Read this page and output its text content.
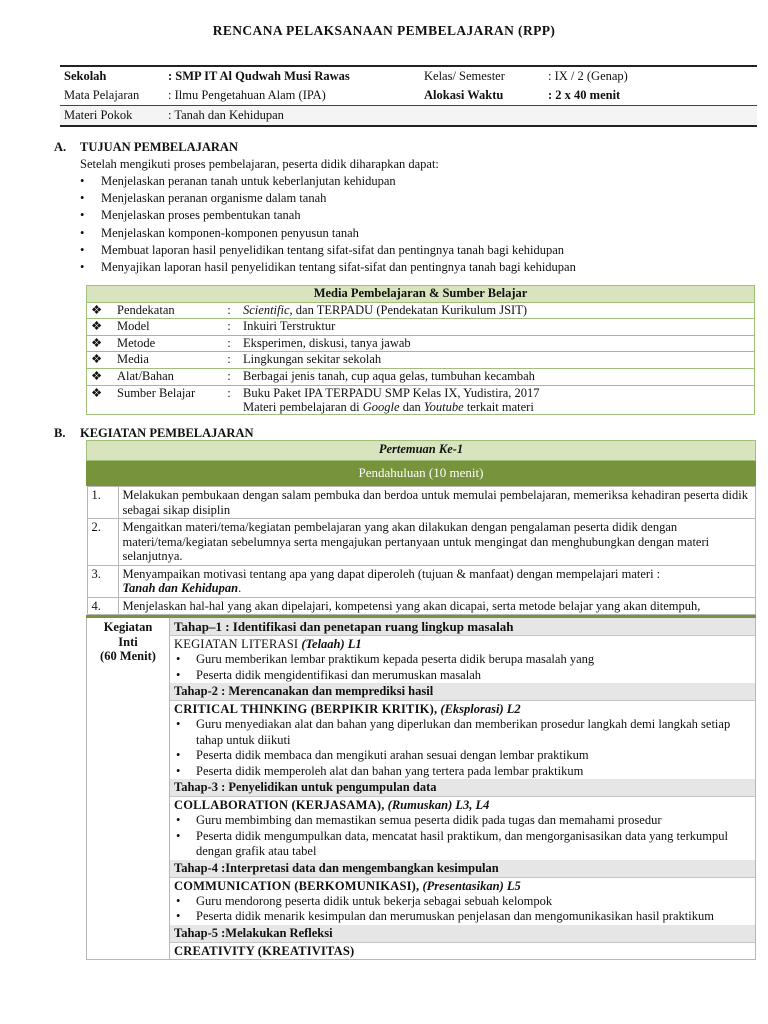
RENCANA PELAKSANAAN PEMBELAJARAN (RPP)
Sekolah	: SMP IT Al Qudwah Musi Rawas	Kelas/ Semester	: IX / 2 (Genap)
Mata Pelajaran	: Ilmu Pengetahuan Alam (IPA)	Alokasi Waktu	: 2 x 40 menit
Materi Pokok	: Tanah dan Kehidupan		
A. TUJUAN PEMBELAJARAN
Setelah mengikuti proses pembelajaran, peserta didik diharapkan dapat:
• Menjelaskan peranan tanah untuk keberlanjutan kehidupan
• Menjelaskan peranan organisme dalam tanah
• Menjelaskan proses pembentukan tanah
• Menjelaskan komponen-komponen penyusun tanah
• Membuat laporan hasil penyelidikan tentang sifat-sifat dan pentingnya tanah bagi kehidupan
• Menyajikan laporan hasil penyelidikan tentang sifat-sifat dan pentingnya tanah bagi kehidupan
Media Pembelajaran & Sumber Belajar			
❖	Pendekatan	:	Scientific, dan TERPADU (Pendekatan Kurikulum JSIT)
❖	Model	:	Inkuiri Terstruktur
❖	Metode	:	Eksperimen, diskusi, tanya jawab
❖	Media	:	Lingkungan sekitar sekolah
❖	Alat/Bahan	:	Berbagai jenis tanah, cup aqua gelas, tumbuhan kecambah
❖	Sumber Belajar	:	Buku Paket IPA TERPADU SMP Kelas IX, Yudistira, 2017
Materi pembelajaran di Google dan Youtube terkait materi
B. KEGIATAN PEMBELAJARAN
Pertemuan Ke-1
Pendahuluan (10 menit)

1.	Melakukan pembukaan dengan salam pembuka dan berdoa untuk memulai pembelajaran, memeriksa kehadiran peserta didik sebagai sikap disiplin
2.	Mengaitkan materi/tema/kegiatan pembelajaran yang akan dilakukan dengan pengalaman peserta didik dengan materi/tema/kegiatan sebelumnya serta mengajukan pertanyaan untuk mengingat dan menghubungkan dengan materi selanjutnya.
3.	Menyampaikan motivasi tentang apa yang dapat diperoleh (tujuan & manfaat) dengan mempelajari materi :
Tanah dan Kehidupan.
4.	Menjelaskan hal-hal yang akan dipelajari, kompetensi yang akan dicapai, serta metode belajar yang akan ditempuh,

Kegiatan Inti
(60 Menit)

Tahap–1 : Identifikasi dan penetapan ruang lingkup masalah
KEGIATAN LITERASI (Telaah) L1
• Guru memberikan lembar praktikum kepada peserta didik berupa masalah yang
• Peserta didik mengidentifikasi dan merumuskan masalah
Tahap-2 : Merencanakan dan memprediksi hasil
CRITICAL THINKING (BERPIKIR KRITIK), (Eksplorasi) L2
• Guru menyediakan alat dan bahan yang diperlukan dan memberikan prosedur langkah demi langkah setiap tahap untuk diikuti
• Peserta didik membaca dan mengikuti arahan sesuai dengan lembar praktikum
• Peserta didik memperoleh alat dan bahan yang tertera pada lembar praktikum
Tahap-3 : Penyelidikan untuk pengumpulan data
COLLABORATION (KERJASAMA), (Rumuskan) L3, L4
• Guru membimbing dan memastikan semua peserta didik pada tugas dan memahami prosedur
• Peserta didik mengumpulkan data, mencatat hasil praktikum, dan mengorganisasikan data yang terkumpul dengan grafik atau tabel
Tahap-4 :Interpretasi data dan mengembangkan kesimpulan
COMMUNICATION (BERKOMUNIKASI), (Presentasikan) L5
• Guru mendorong peserta didik untuk bekerja sebagai sebuah kelompok
• Peserta didik menarik kesimpulan dan merumuskan penjelasan dan mengomunikasikan hasil praktikum
Tahap-5 :Melakukan Refleksi
CREATIVITY (KREATIVITAS)
